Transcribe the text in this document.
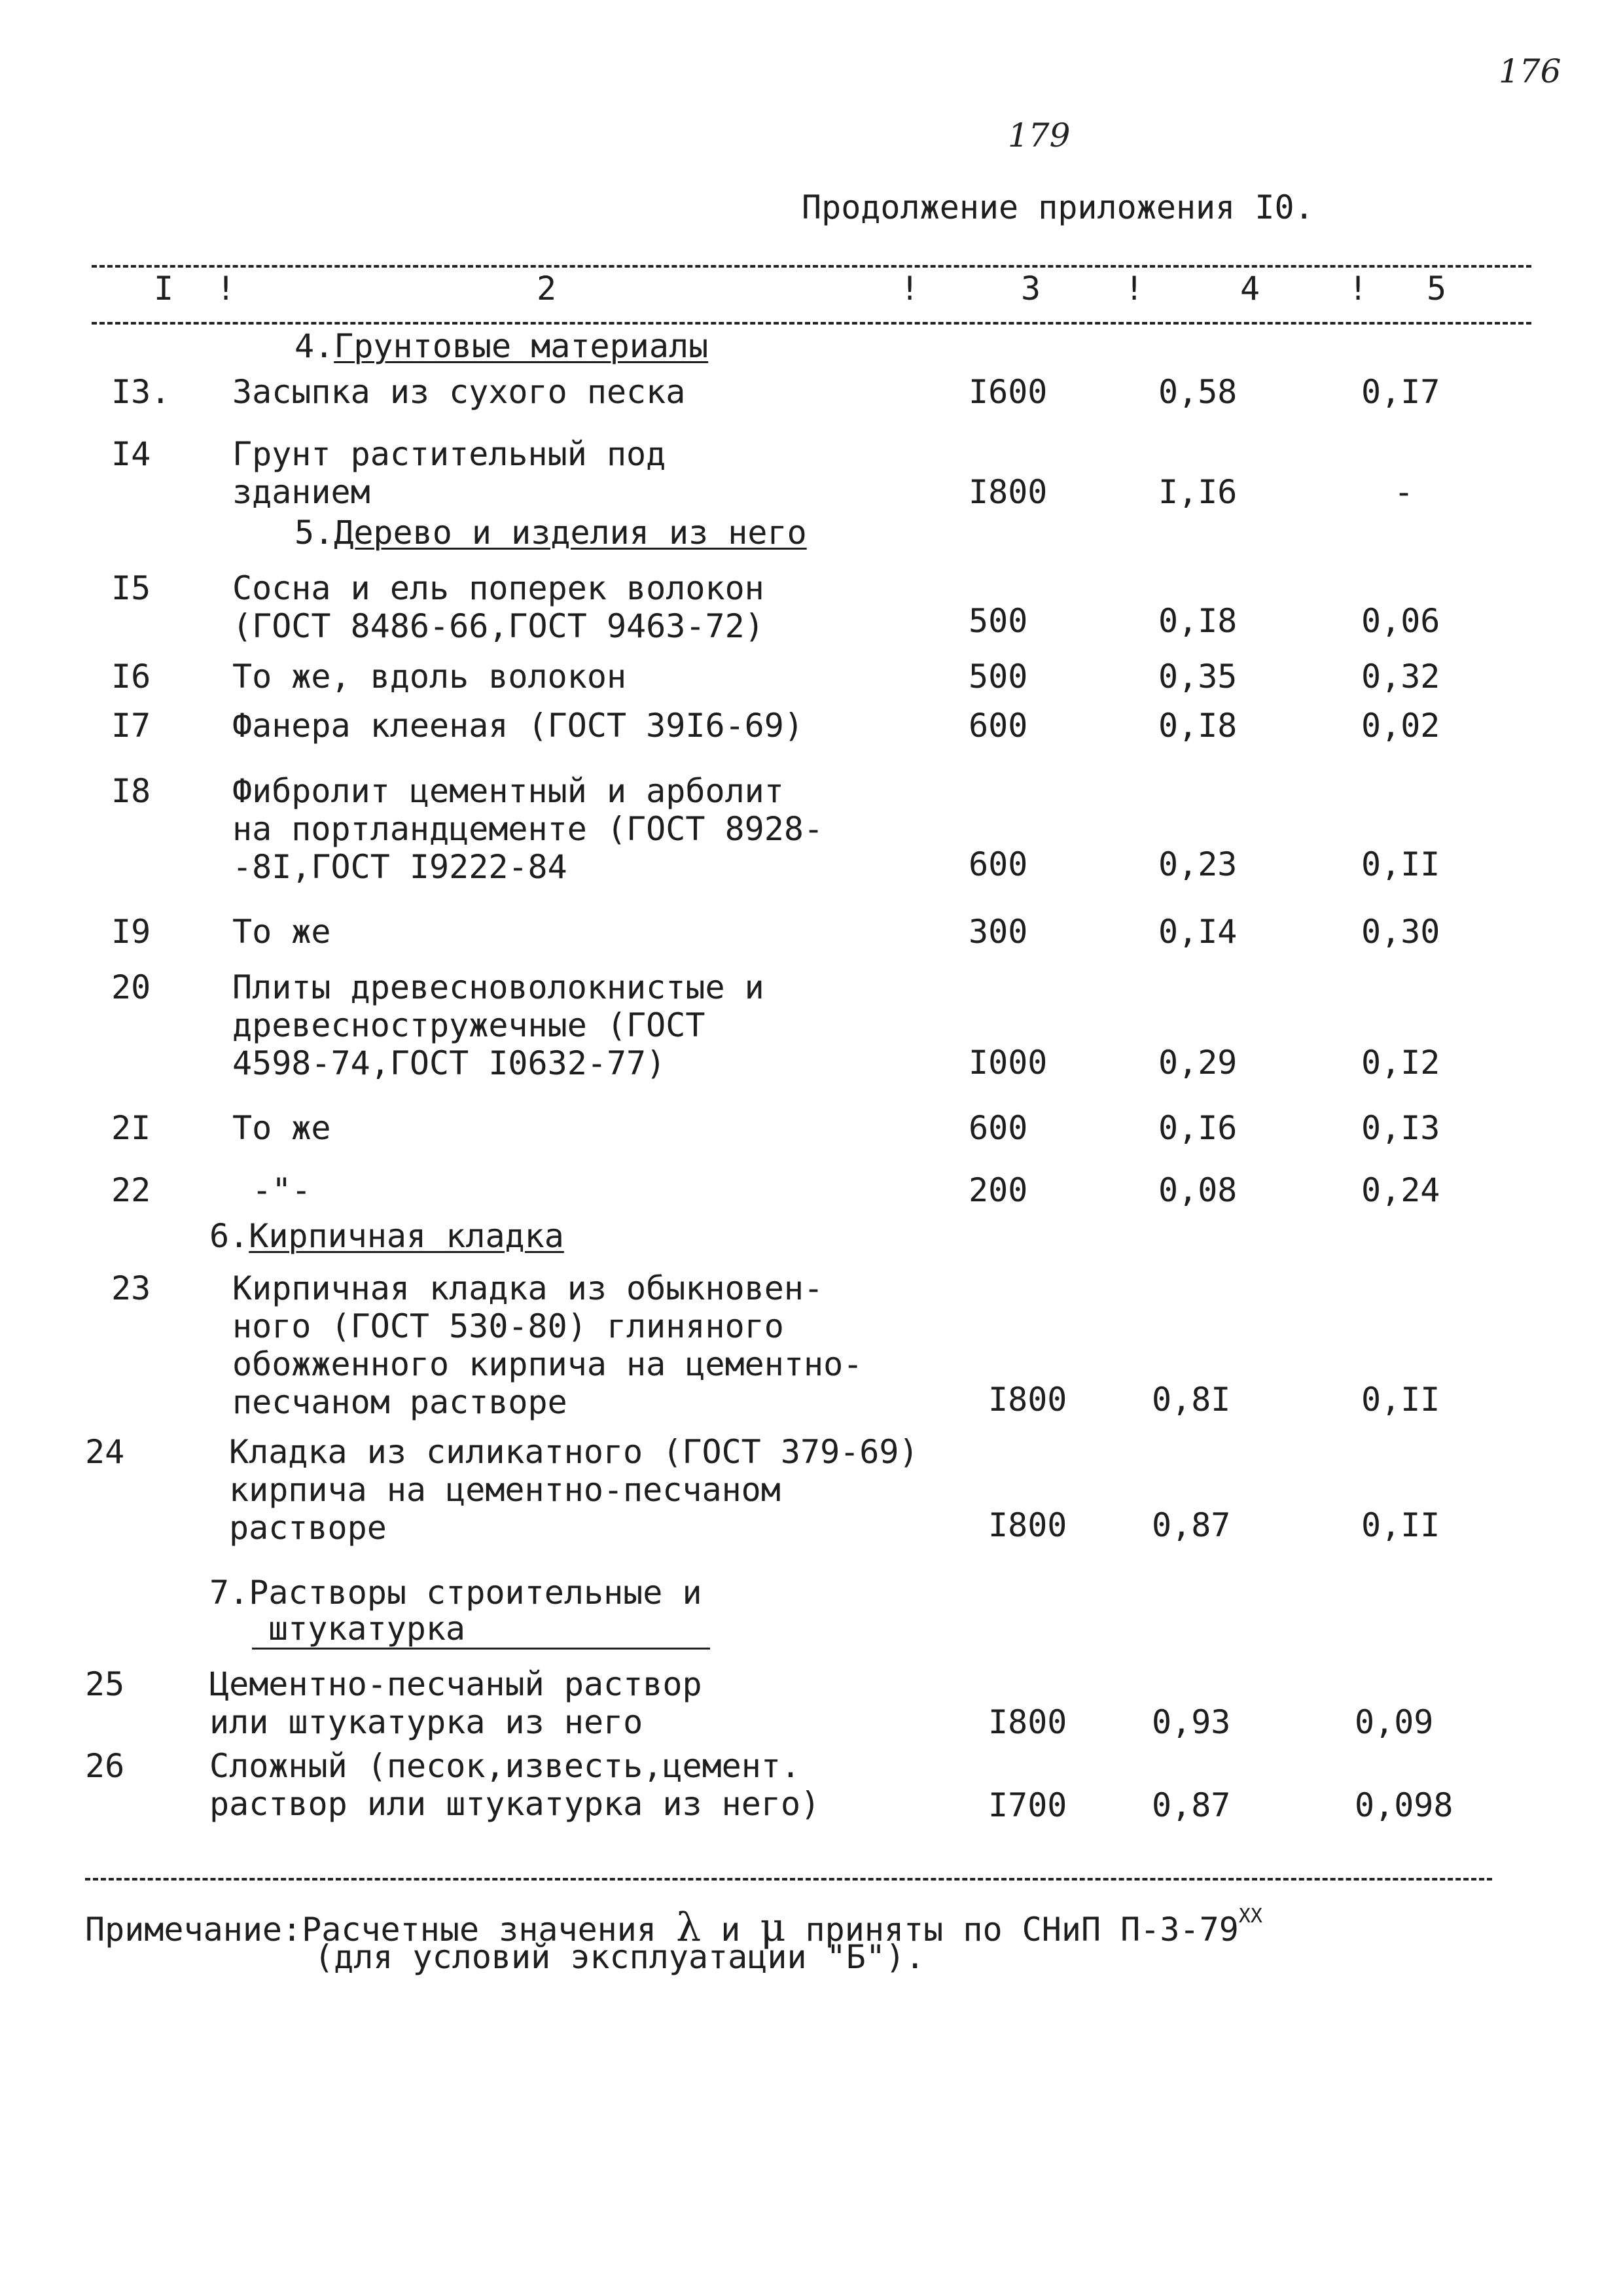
176
179
Продолжение приложения I0.
I !	2	!	3	!	4	! 5
4.Грунтовые материалы
I3.	Засыпка из сухого песка	I600	0,58	0,I7
I4	Грунт растительный под
зданием	I800	I,I6	-
5.Дерево и изделия из него
I5	Сосна и ель поперек волокон
(ГОСТ 8486-66,ГОСТ 9463-72)	500	0,I8	0,06
I6	То же, вдоль волокон	500	0,35	0,32
I7	Фанера клееная (ГОСТ 39I6-69)	600	0,I8	0,02
I8	Фибролит цементный и арболит
на портландцементе (ГОСТ 8928-
-8I,ГОСТ I9222-84	600	0,23	0,II
I9	То же	300	0,I4	0,30
20	Плиты древесноволокнистые и
древесностружечные (ГОСТ
4598-74,ГОСТ I0632-77)	I000	0,29	0,I2
2I	То же	600	0,I6	0,I3
22	-"-	200	0,08	0,24
6.Кирпичная кладка
23	Кирпичная кладка из обыкновен-
ного (ГОСТ 530-80) глиняного
обожженного кирпича на цементно-
песчаном растворе	I800	0,8I	0,II
24	Кладка из силикатного (ГОСТ 379-69)
кирпича на цементно-песчаном
растворе	I800	0,87	0,II
7.Растворы строительные и
штукатурка
25	Цементно-песчаный раствор
или штукатурка из него	I800	0,93	0,09
26	Сложный (песок,известь,цемент.
раствор или штукатурка из него)	I700	0,87	0,098
Примечание:Расчетные значения λ и μ приняты по СНиП $П-3-79^{XX}$
(для условий эксплуатации "Б").
